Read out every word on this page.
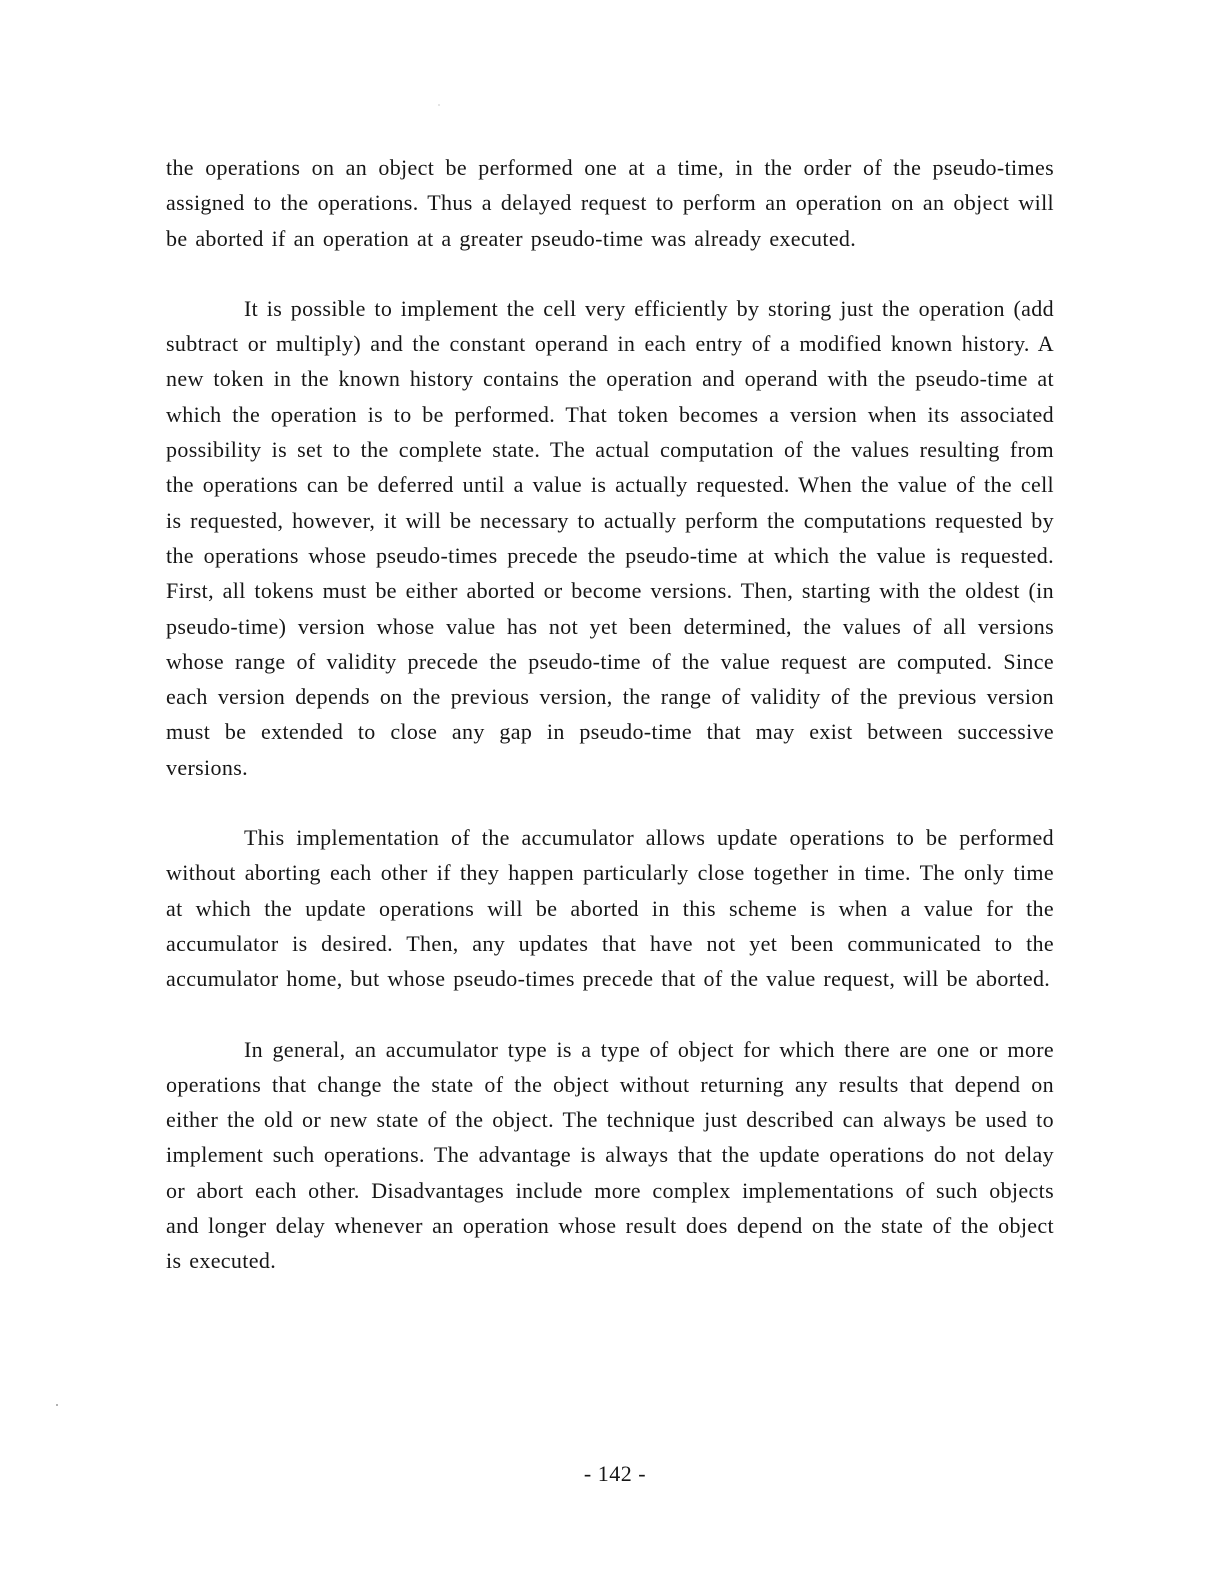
the operations on an object be performed one at a time, in the order of the pseudo-times assigned to the operations. Thus a delayed request to perform an operation on an object will be aborted if an operation at a greater pseudo-time was already executed.

It is possible to implement the cell very efficiently by storing just the operation (add subtract or multiply) and the constant operand in each entry of a modified known history. A new token in the known history contains the operation and operand with the pseudo-time at which the operation is to be performed. That token becomes a version when its associated possibility is set to the complete state. The actual computation of the values resulting from the operations can be deferred until a value is actually requested. When the value of the cell is requested, however, it will be necessary to actually perform the computations requested by the operations whose pseudo-times precede the pseudo-time at which the value is requested. First, all tokens must be either aborted or become versions. Then, starting with the oldest (in pseudo-time) version whose value has not yet been determined, the values of all versions whose range of validity precede the pseudo-time of the value request are computed. Since each version depends on the previous version, the range of validity of the previous version must be extended to close any gap in pseudo-time that may exist between successive versions.

This implementation of the accumulator allows update operations to be performed without aborting each other if they happen particularly close together in time. The only time at which the update operations will be aborted in this scheme is when a value for the accumulator is desired. Then, any updates that have not yet been communicated to the accumulator home, but whose pseudo-times precede that of the value request, will be aborted.

In general, an accumulator type is a type of object for which there are one or more operations that change the state of the object without returning any results that depend on either the old or new state of the object. The technique just described can always be used to implement such operations. The advantage is always that the update operations do not delay or abort each other. Disadvantages include more complex implementations of such objects and longer delay whenever an operation whose result does depend on the state of the object is executed.

- 142 -
